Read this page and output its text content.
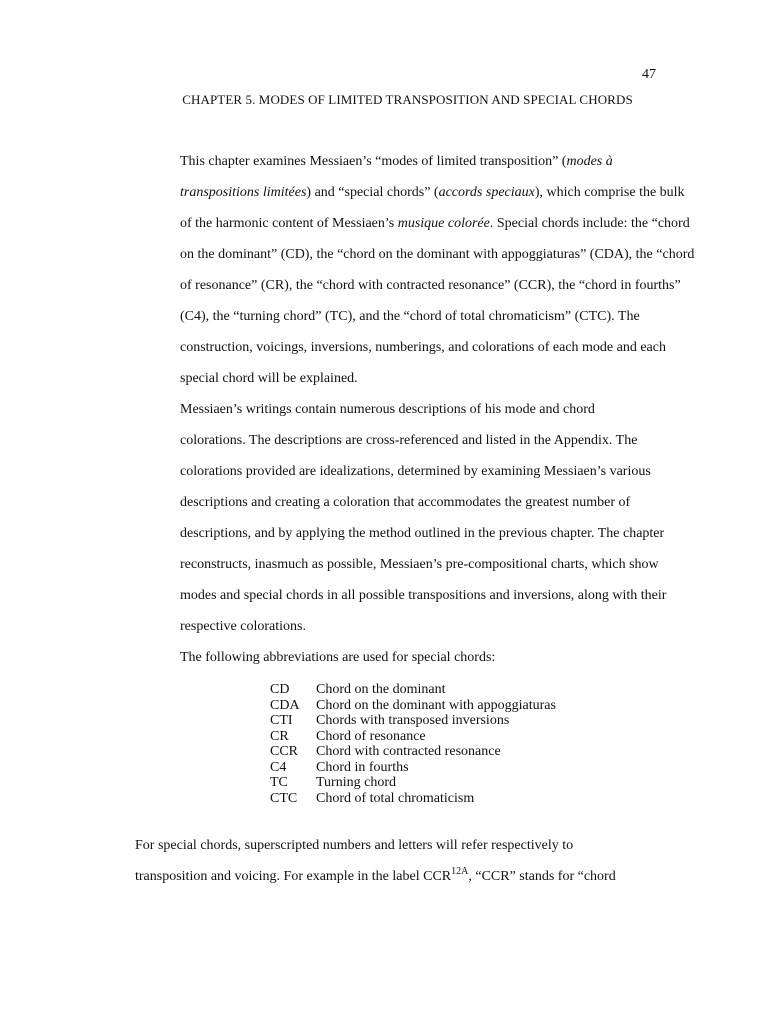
47
CHAPTER 5. MODES OF LIMITED TRANSPOSITION AND SPECIAL CHORDS

This chapter examines Messiaen’s “modes of limited transposition” (modes à
transpositions limitées) and “special chords” (accords speciaux), which comprise the bulk
of the harmonic content of Messiaen’s musique colorée. Special chords include: the “chord
on the dominant” (CD), the “chord on the dominant with appoggiaturas” (CDA), the “chord
of resonance” (CR), the “chord with contracted resonance” (CCR), the “chord in fourths”
(C4), the “turning chord” (TC), and the “chord of total chromaticism” (CTC). The
construction, voicings, inversions, numberings, and colorations of each mode and each
special chord will be explained.

Messiaen’s writings contain numerous descriptions of his mode and chord
colorations. The descriptions are cross-referenced and listed in the Appendix. The
colorations provided are idealizations, determined by examining Messiaen’s various
descriptions and creating a coloration that accommodates the greatest number of
descriptions, and by applying the method outlined in the previous chapter. The chapter
reconstructs, inasmuch as possible, Messiaen’s pre-compositional charts, which show
modes and special chords in all possible transpositions and inversions, along with their
respective colorations.

The following abbreviations are used for special chords:

CD	Chord on the dominant
CDA	Chord on the dominant with appoggiaturas
CTI	Chords with transposed inversions
CR	Chord of resonance
CCR	Chord with contracted resonance
C4	Chord in fourths
TC	Turning chord
CTC	Chord of total chromaticism

For special chords, superscripted numbers and letters will refer respectively to
transposition and voicing. For example in the label $CCR^{12A}$, “CCR” stands for “chord
